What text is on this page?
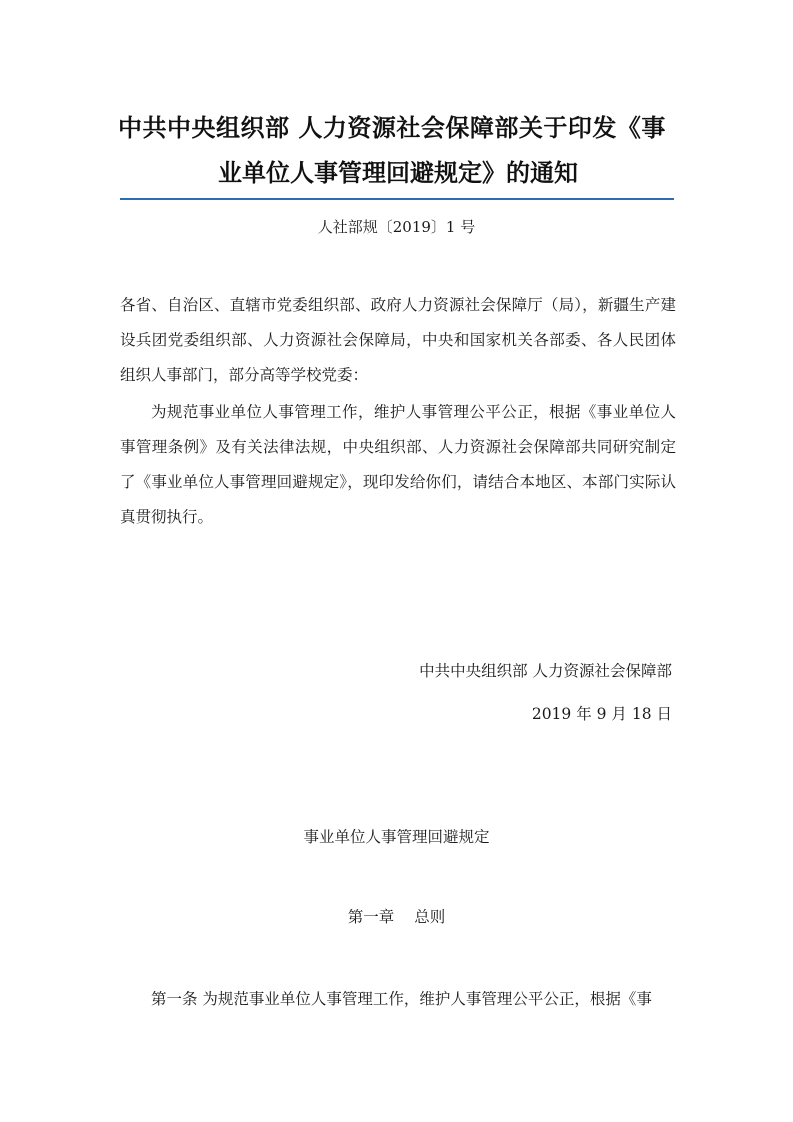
中共中央组织部 人力资源社会保障部关于印发《事
业单位人事管理回避规定》的通知
人社部规〔2019〕1 号

各省、自治区、直辖市党委组织部、政府人力资源社会保障厅（局），新疆生产建设兵团党委组织部、人力资源社会保障局，中央和国家机关各部委、各人民团体组织人事部门，部分高等学校党委：

为规范事业单位人事管理工作，维护人事管理公平公正，根据《事业单位人事管理条例》及有关法律法规，中央组织部、人力资源社会保障部共同研究制定了《事业单位人事管理回避规定》，现印发给你们，请结合本地区、本部门实际认真贯彻执行。

中共中央组织部 人力资源社会保障部
2019 年 9 月 18 日
事业单位人事管理回避规定
第一章 总则

第一条 为规范事业单位人事管理工作，维护人事管理公平公正，根据《事
